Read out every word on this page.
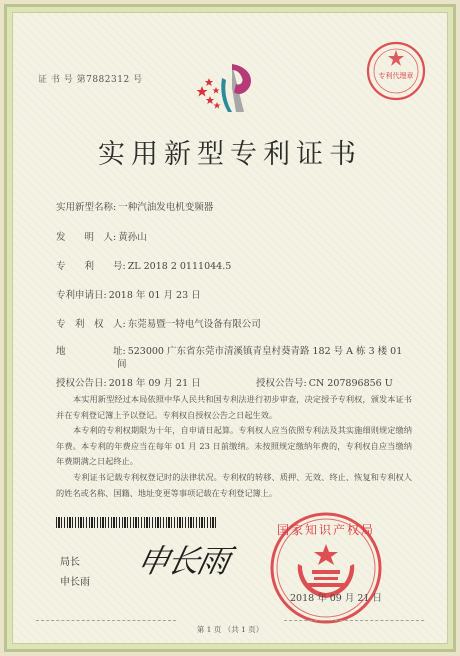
证 书 号 第7882312 号	专利代理章
实用新型专利证书
实用新型名称: 一种汽油发电机变频器
发　　明　人: 黄孙山
专　　利　　号: ZL 2018 2 0111044.5
专利申请日: 2018 年 01 月 23 日
专　利　权　人: 东莞易暨一特电气设备有限公司
地　　　　　址: 523000 广东省东莞市清溪镇青皇村葵青路 182 号 A 栋 3 楼 01
间
授权公告日: 2018 年 09 月 21 日	授权公告号: CN 207896856 U
本实用新型经过本局依照中华人民共和国专利法进行初步审查，决定授予专利权，颁发本证书并在专利登记簿上予以登记。专利权自授权公告之日起生效。
本专利的专利权期限为十年，自申请日起算。专利权人应当依照专利法及其实施细则规定缴纳年费。本专利的年费应当在每年 01 月 23 日前缴纳。未按照规定缴纳年费的，专利权自应当缴纳年费期满之日起终止。
专利证书记载专利权登记时的法律状况。专利权的转移、质押、无效、终止、恢复和专利权人的姓名或名称、国籍、地址变更等事项记载在专利登记簿上。
局长
申长雨
申长雨
国家知识产权局
2018 年 09 月 21 日
第 1 页 （共 1 页）
